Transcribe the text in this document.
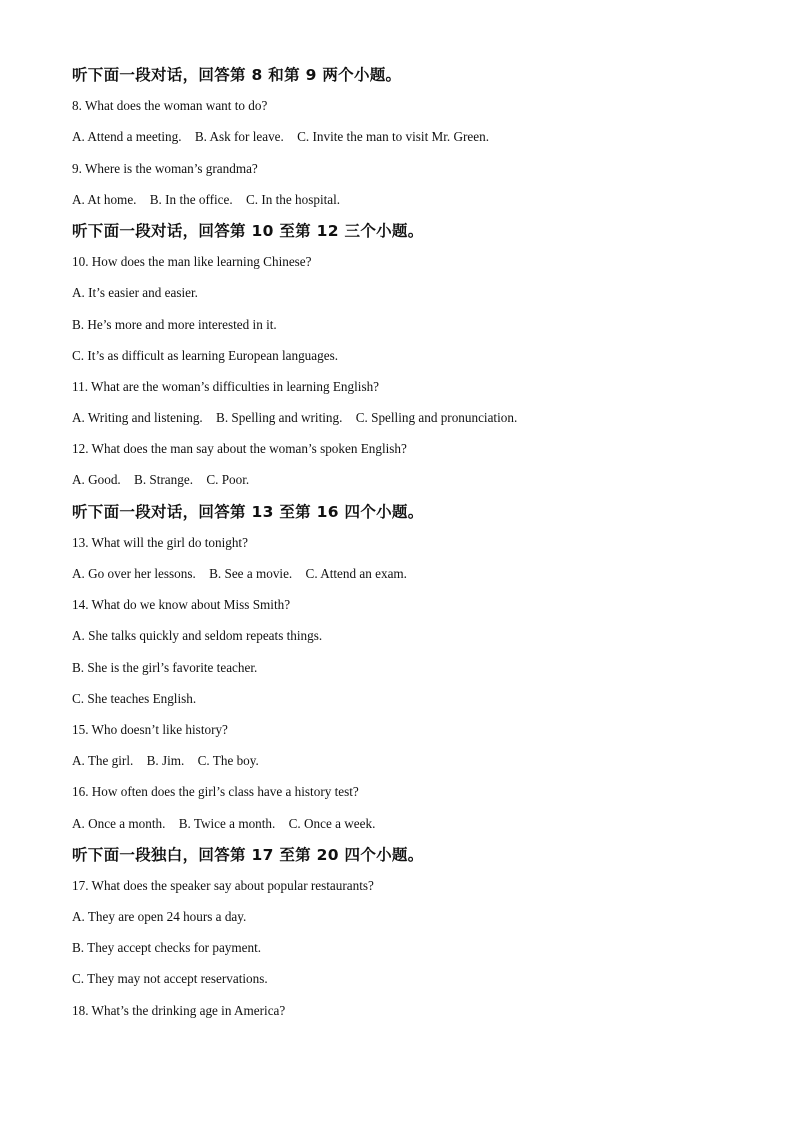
听下面一段对话，回答第 8 和第 9 两个小题。
8. What does the woman want to do?
A. Attend a meeting. B. Ask for leave. C. Invite the man to visit Mr. Green.
9. Where is the woman’s grandma?
A. At home. B. In the office. C. In the hospital.
听下面一段对话，回答第 10 至第 12 三个小题。
10. How does the man like learning Chinese?
A. It’s easier and easier.
B. He’s more and more interested in it.
C. It’s as difficult as learning European languages.
11. What are the woman’s difficulties in learning English?
A. Writing and listening. B. Spelling and writing. C. Spelling and pronunciation.
12. What does the man say about the woman’s spoken English?
A. Good. B. Strange. C. Poor.
听下面一段对话，回答第 13 至第 16 四个小题。
13. What will the girl do tonight?
A. Go over her lessons. B. See a movie. C. Attend an exam.
14. What do we know about Miss Smith?
A. She talks quickly and seldom repeats things.
B. She is the girl’s favorite teacher.
C. She teaches English.
15. Who doesn’t like history?
A. The girl. B. Jim. C. The boy.
16. How often does the girl’s class have a history test?
A. Once a month. B. Twice a month. C. Once a week.
听下面一段独白，回答第 17 至第 20 四个小题。
17. What does the speaker say about popular restaurants?
A. They are open 24 hours a day.
B. They accept checks for payment.
C. They may not accept reservations.
18. What’s the drinking age in America?
